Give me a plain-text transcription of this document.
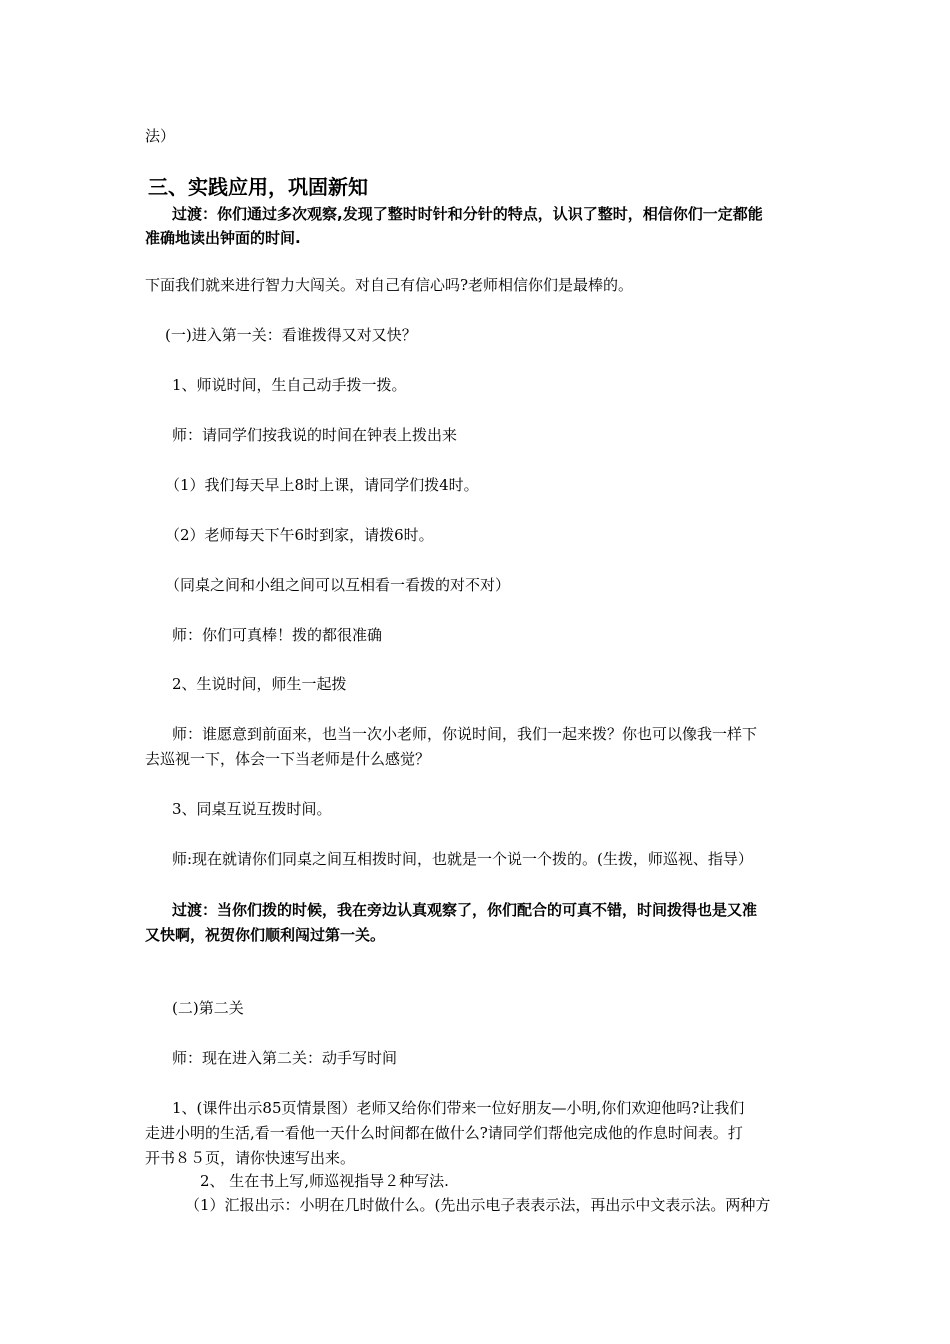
法）
三、实践应用，巩固新知
过渡：你们通过多次观察,发现了整时时针和分针的特点，认识了整时，相信你们一定都能
准确地读出钟面的时间.
下面我们就来进行智力大闯关。对自己有信心吗?老师相信你们是最棒的。
(一)进入第一关：看谁拨得又对又快？
1、师说时间，生自己动手拨一拨。
师：请同学们按我说的时间在钟表上拨出来
（1）我们每天早上8时上课，请同学们拨4时。
（2）老师每天下午6时到家，请拨6时。
（同桌之间和小组之间可以互相看一看拨的对不对）
师：你们可真棒！拨的都很准确
2、生说时间，师生一起拨
师：谁愿意到前面来，也当一次小老师，你说时间，我们一起来拨？你也可以像我一样下
去巡视一下，体会一下当老师是什么感觉？
3、同桌互说互拨时间。
师:现在就请你们同桌之间互相拨时间，也就是一个说一个拨的。(生拨，师巡视、指导）
过渡：当你们拨的时候，我在旁边认真观察了，你们配合的可真不错，时间拨得也是又准
又快啊，祝贺你们顺利闯过第一关。
(二)第二关
师：现在进入第二关：动手写时间
1、(课件出示85页情景图）老师又给你们带来一位好朋友—小明,你们欢迎他吗?让我们
走进小明的生活,看一看他一天什么时间都在做什么?请同学们帮他完成他的作息时间表。打
开书８５页，请你快速写出来。
2、 生在书上写,师巡视指导２种写法.
（1）汇报出示：小明在几时做什么。(先出示电子表表示法，再出示中文表示法。两种方
